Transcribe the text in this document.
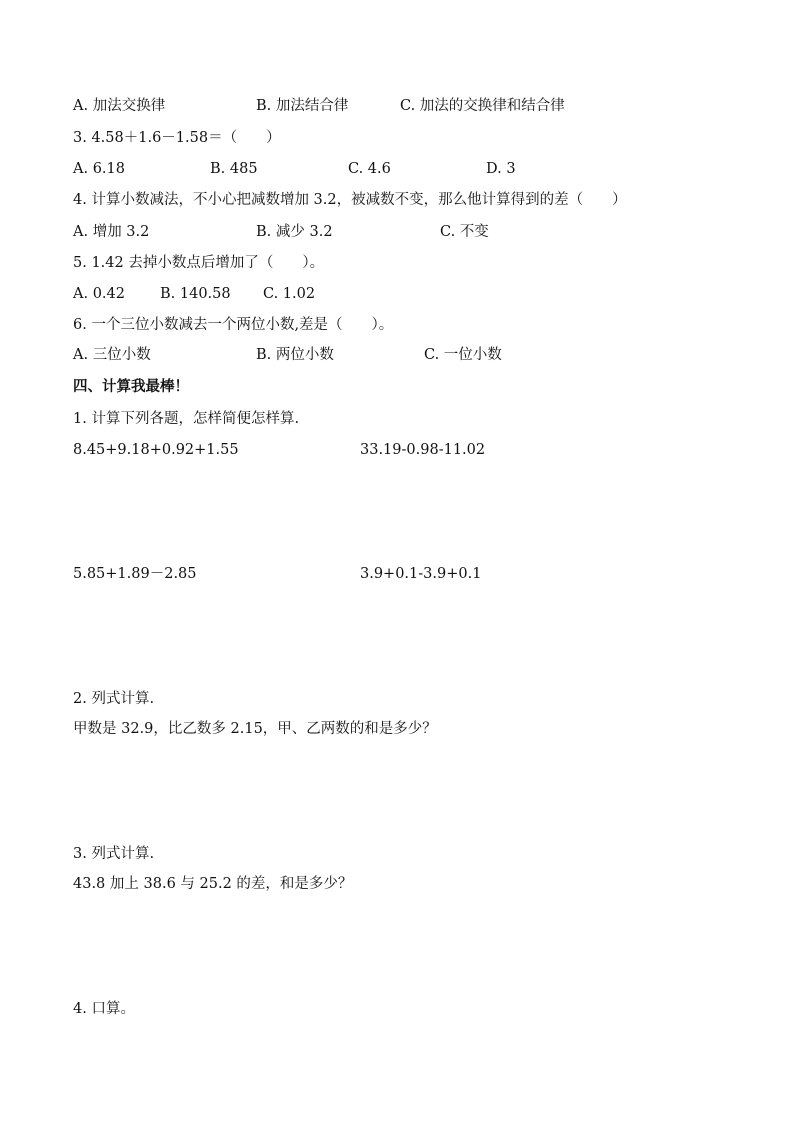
A. 加法交换律	B. 加法结合律	C. 加法的交换律和结合律
3. 4.58＋1.6－1.58＝（　　）
A. 6.18	B. 485	C. 4.6	D. 3
4. 计算小数减法，不小心把减数增加 3.2，被减数不变，那么他计算得到的差（　　）
A. 增加 3.2	B. 减少 3.2	C. 不变
5. 1.42 去掉小数点后增加了（　　）。
A. 0.42 B. 140.58 C. 1.02
6. 一个三位小数减去一个两位小数,差是（　　）。
A. 三位小数	B. 两位小数	C. 一位小数
四、计算我最棒！
1. 计算下列各题，怎样简便怎样算.
8.45+9.18+0.92+1.55	33.19-0.98-11.02
5.85+1.89－2.85	3.9+0.1-3.9+0.1
2. 列式计算.
甲数是 32.9，比乙数多 2.15，甲、乙两数的和是多少？
3. 列式计算.
43.8 加上 38.6 与 25.2 的差，和是多少？
4. 口算。
